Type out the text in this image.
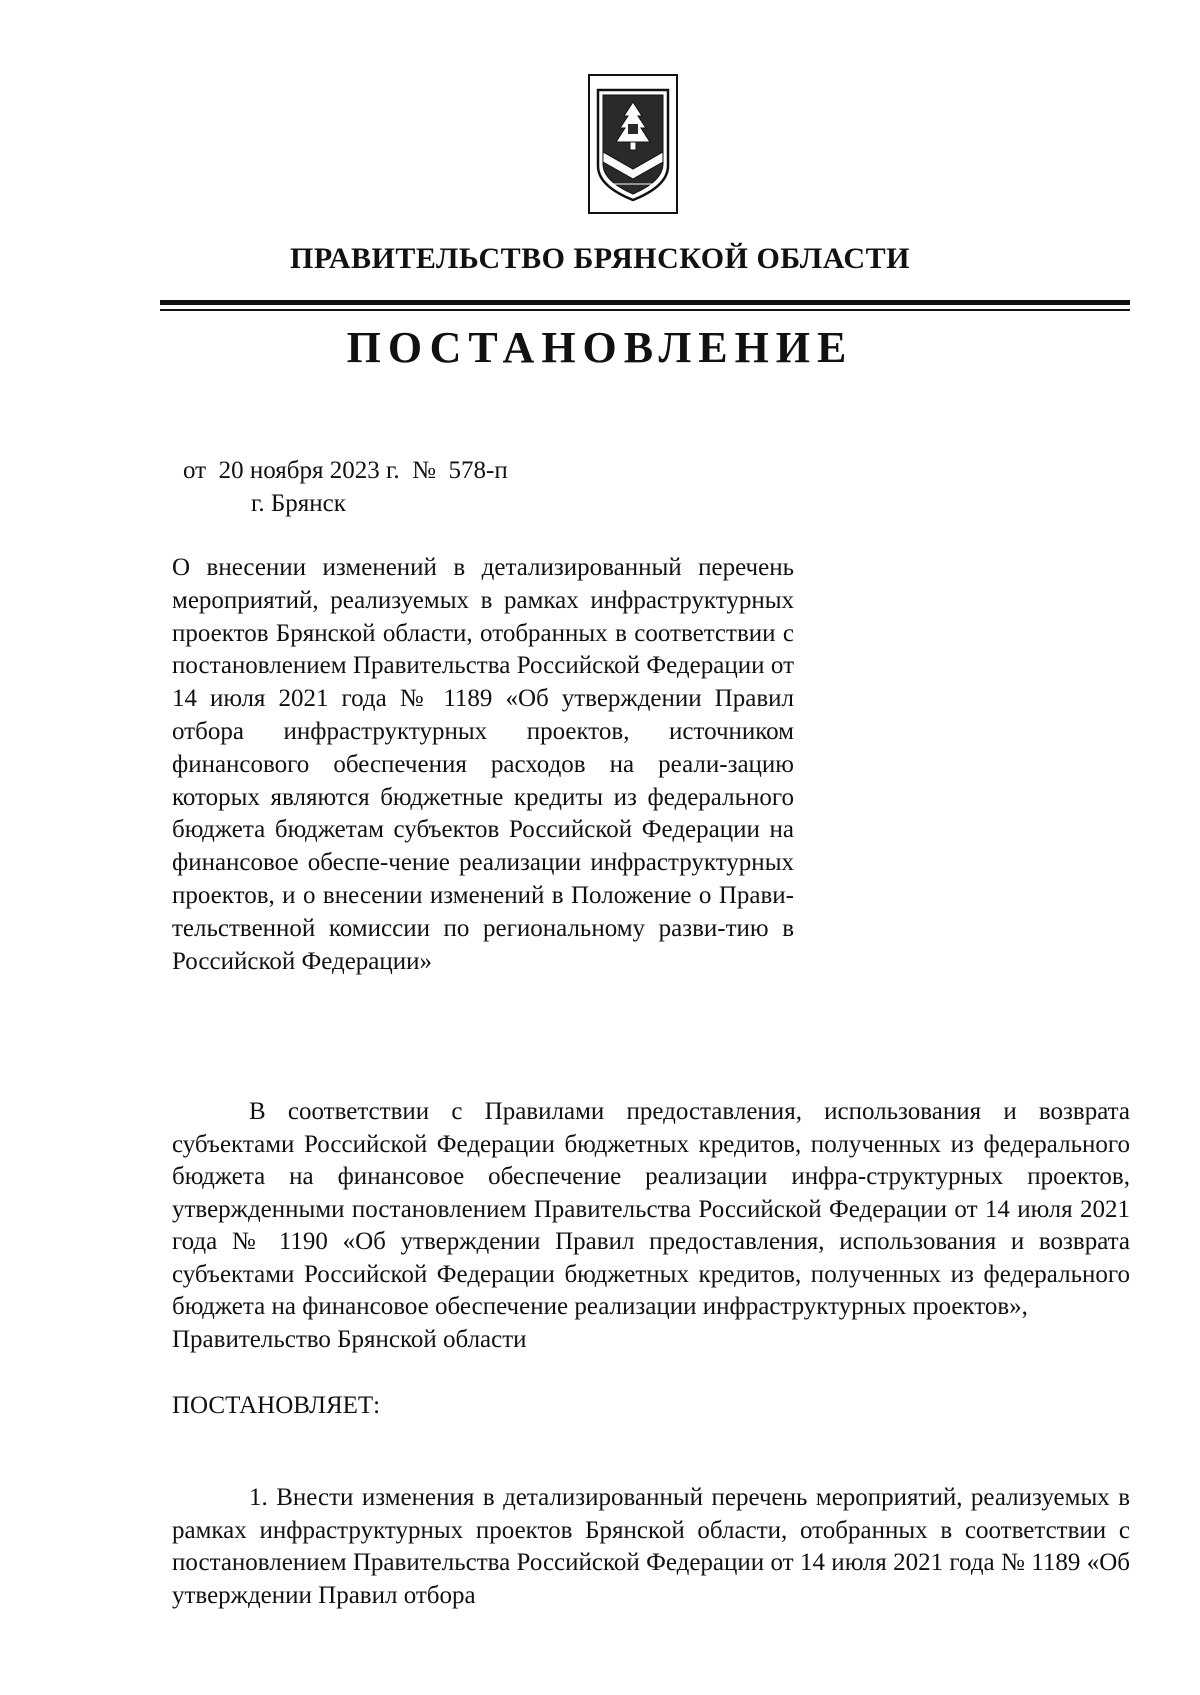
ПРАВИТЕЛЬСТВО БРЯНСКОЙ ОБЛАСТИ
ПОСТАНОВЛЕНИЕ
от  20 ноября 2023 г.  №  578-п
г. Брянск
О внесении изменений в детализированный перечень мероприятий, реализуемых в рамках инфраструктурных проектов Брянской области, отобранных в соответствии с постановлением Правительства Российской Федерации от 14 июля 2021 года № 1189 «Об утверждении Правил отбора инфраструктурных проектов, источником финансового обеспечения расходов на реали-зацию которых являются бюджетные кредиты из федерального бюджета бюджетам субъектов Российской Федерации на финансовое обеспе-чение реализации инфраструктурных проектов, и о внесении изменений в Положение о Прави-тельственной комиссии по региональному разви-тию в Российской Федерации»
В соответствии с Правилами предоставления, использования и возврата субъектами Российской Федерации бюджетных кредитов, полученных из федерального бюджета на финансовое обеспечение реализации инфра-структурных проектов, утвержденными постановлением Правительства Российской Федерации от 14 июля 2021 года № 1190 «Об утверждении Правил предоставления, использования и возврата субъектами Российской Федерации бюджетных кредитов, полученных из федерального бюджета на финансовое обеспечение реализации инфраструктурных проектов»,
Правительство Брянской области
ПОСТАНОВЛЯЕТ:
1. Внести изменения в детализированный перечень мероприятий, реализуемых в рамках инфраструктурных проектов Брянской области, отобранных в соответствии с постановлением Правительства Российской Федерации от 14 июля 2021 года № 1189 «Об утверждении Правил отбора
